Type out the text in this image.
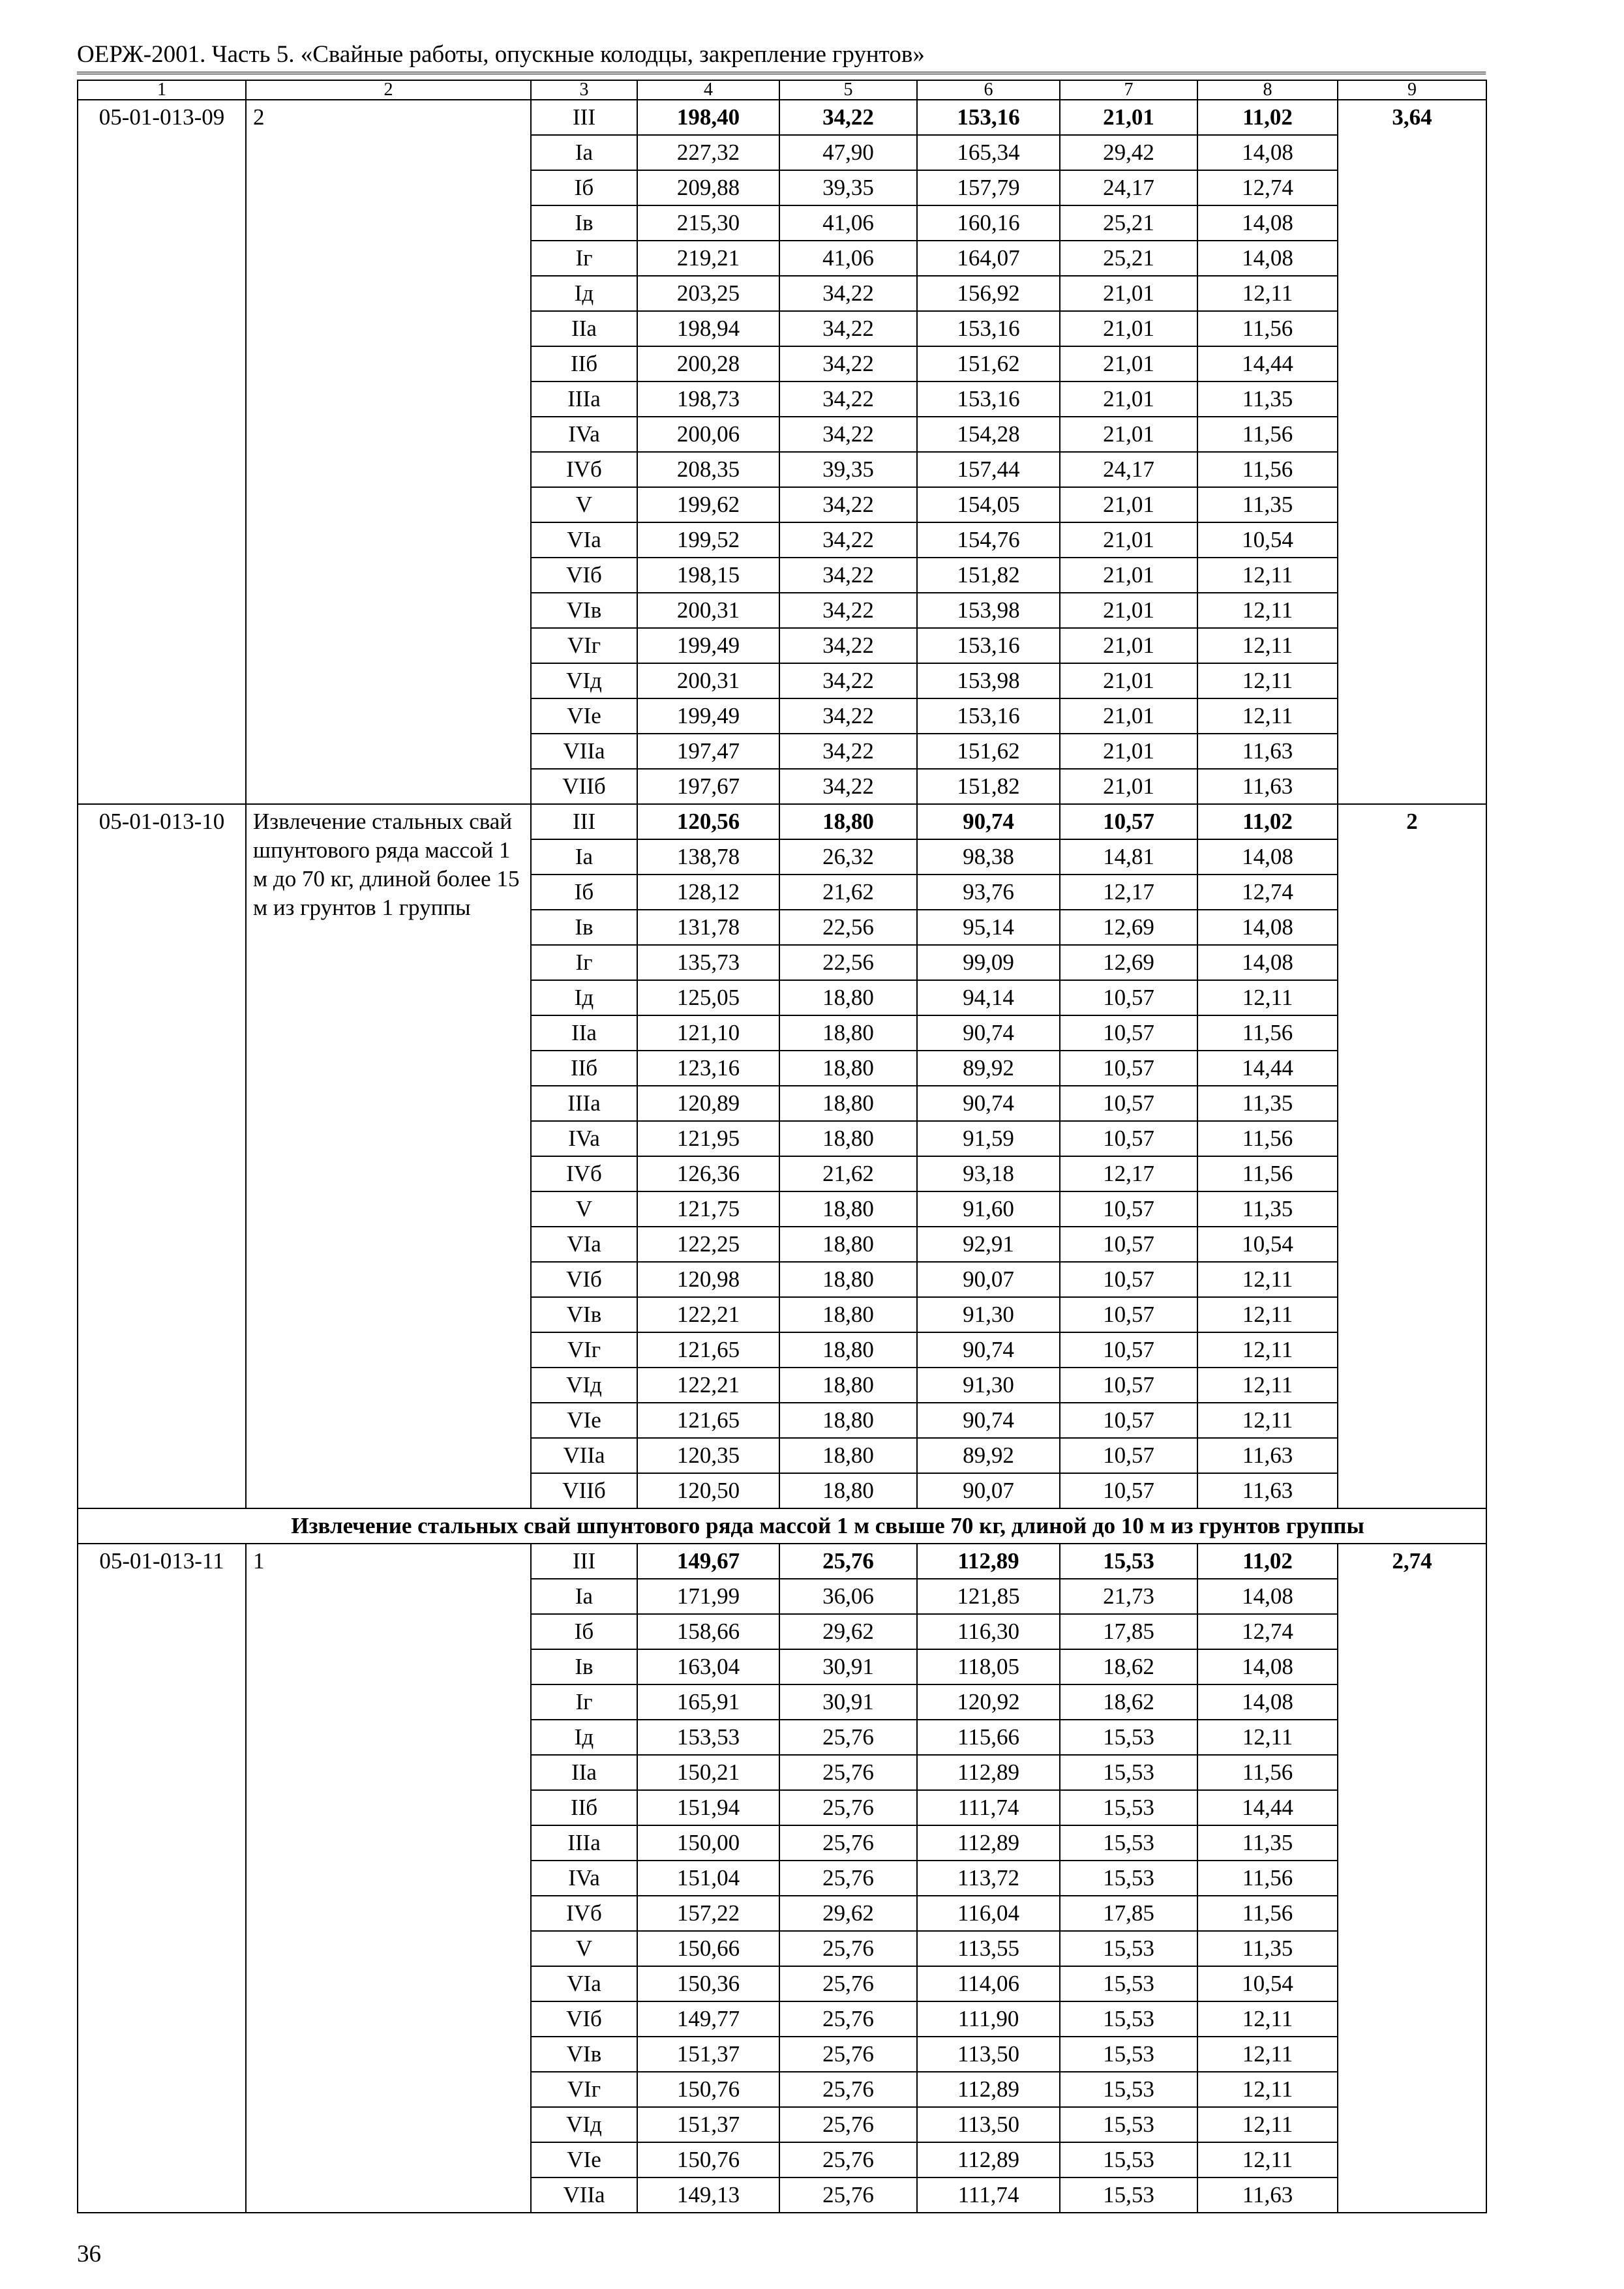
ОЕРЖ-2001. Часть 5. «Свайные работы, опускные колодцы, закрепление грунтов»
1	2	3	4	5	6	7	8	9
05-01-013-09	2	III	198,40	34,22	153,16	21,01	11,02	3,64
		Ia	227,32	47,90	165,34	29,42	14,08	
		Iб	209,88	39,35	157,79	24,17	12,74	
		Iв	215,30	41,06	160,16	25,21	14,08	
		Iг	219,21	41,06	164,07	25,21	14,08	
		Iд	203,25	34,22	156,92	21,01	12,11	
		IIa	198,94	34,22	153,16	21,01	11,56	
		IIб	200,28	34,22	151,62	21,01	14,44	
		IIIa	198,73	34,22	153,16	21,01	11,35	
		IVa	200,06	34,22	154,28	21,01	11,56	
		IVб	208,35	39,35	157,44	24,17	11,56	
		V	199,62	34,22	154,05	21,01	11,35	
		VIa	199,52	34,22	154,76	21,01	10,54	
		VIб	198,15	34,22	151,82	21,01	12,11	
		VIв	200,31	34,22	153,98	21,01	12,11	
		VIг	199,49	34,22	153,16	21,01	12,11	
		VIд	200,31	34,22	153,98	21,01	12,11	
		VIe	199,49	34,22	153,16	21,01	12,11	
		VIIa	197,47	34,22	151,62	21,01	11,63	
		VIIб	197,67	34,22	151,82	21,01	11,63	
05-01-013-10	Извлечение стальных свай шпунтового ряда массой 1 м до 70 кг, длиной более 15 м из грунтов 1 группы	III	120,56	18,80	90,74	10,57	11,02	2
		Ia	138,78	26,32	98,38	14,81	14,08	
		Iб	128,12	21,62	93,76	12,17	12,74	
		Iв	131,78	22,56	95,14	12,69	14,08	
		Iг	135,73	22,56	99,09	12,69	14,08	
		Iд	125,05	18,80	94,14	10,57	12,11	
		IIa	121,10	18,80	90,74	10,57	11,56	
		IIб	123,16	18,80	89,92	10,57	14,44	
		IIIa	120,89	18,80	90,74	10,57	11,35	
		IVa	121,95	18,80	91,59	10,57	11,56	
		IVб	126,36	21,62	93,18	12,17	11,56	
		V	121,75	18,80	91,60	10,57	11,35	
		VIa	122,25	18,80	92,91	10,57	10,54	
		VIб	120,98	18,80	90,07	10,57	12,11	
		VIв	122,21	18,80	91,30	10,57	12,11	
		VIг	121,65	18,80	90,74	10,57	12,11	
		VIд	122,21	18,80	91,30	10,57	12,11	
		VIe	121,65	18,80	90,74	10,57	12,11	
		VIIa	120,35	18,80	89,92	10,57	11,63	
		VIIб	120,50	18,80	90,07	10,57	11,63	
Извлечение стальных свай шпунтового ряда массой 1 м свыше 70 кг, длиной до 10 м из грунтов группы								
05-01-013-11	1	III	149,67	25,76	112,89	15,53	11,02	2,74
		Ia	171,99	36,06	121,85	21,73	14,08	
		Iб	158,66	29,62	116,30	17,85	12,74	
		Iв	163,04	30,91	118,05	18,62	14,08	
		Iг	165,91	30,91	120,92	18,62	14,08	
		Iд	153,53	25,76	115,66	15,53	12,11	
		IIa	150,21	25,76	112,89	15,53	11,56	
		IIб	151,94	25,76	111,74	15,53	14,44	
		IIIa	150,00	25,76	112,89	15,53	11,35	
		IVa	151,04	25,76	113,72	15,53	11,56	
		IVб	157,22	29,62	116,04	17,85	11,56	
		V	150,66	25,76	113,55	15,53	11,35	
		VIa	150,36	25,76	114,06	15,53	10,54	
		VIб	149,77	25,76	111,90	15,53	12,11	
		VIв	151,37	25,76	113,50	15,53	12,11	
		VIг	150,76	25,76	112,89	15,53	12,11	
		VIд	151,37	25,76	113,50	15,53	12,11	
		VIe	150,76	25,76	112,89	15,53	12,11	
		VIIa	149,13	25,76	111,74	15,53	11,63	
36
